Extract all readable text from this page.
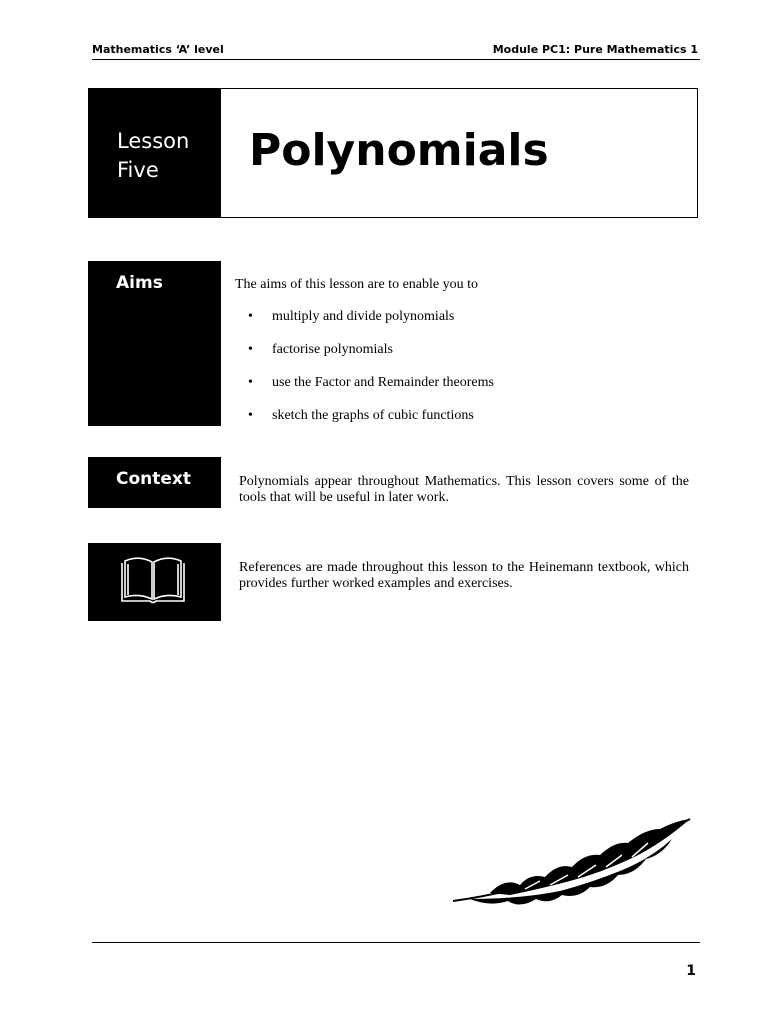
Mathematics ‘A’ level	Module PC1: Pure Mathematics 1
Lesson
Five	Polynomials
Aims	The aims of this lesson are to enable you to
• multiply and divide polynomials
• factorise polynomials
• use the Factor and Remainder theorems
• sketch the graphs of cubic functions
Context	Polynomials appear throughout Mathematics. This lesson covers some of the tools that will be useful in later work.
References are made throughout this lesson to the Heinemann textbook, which provides further worked examples and exercises.
1
